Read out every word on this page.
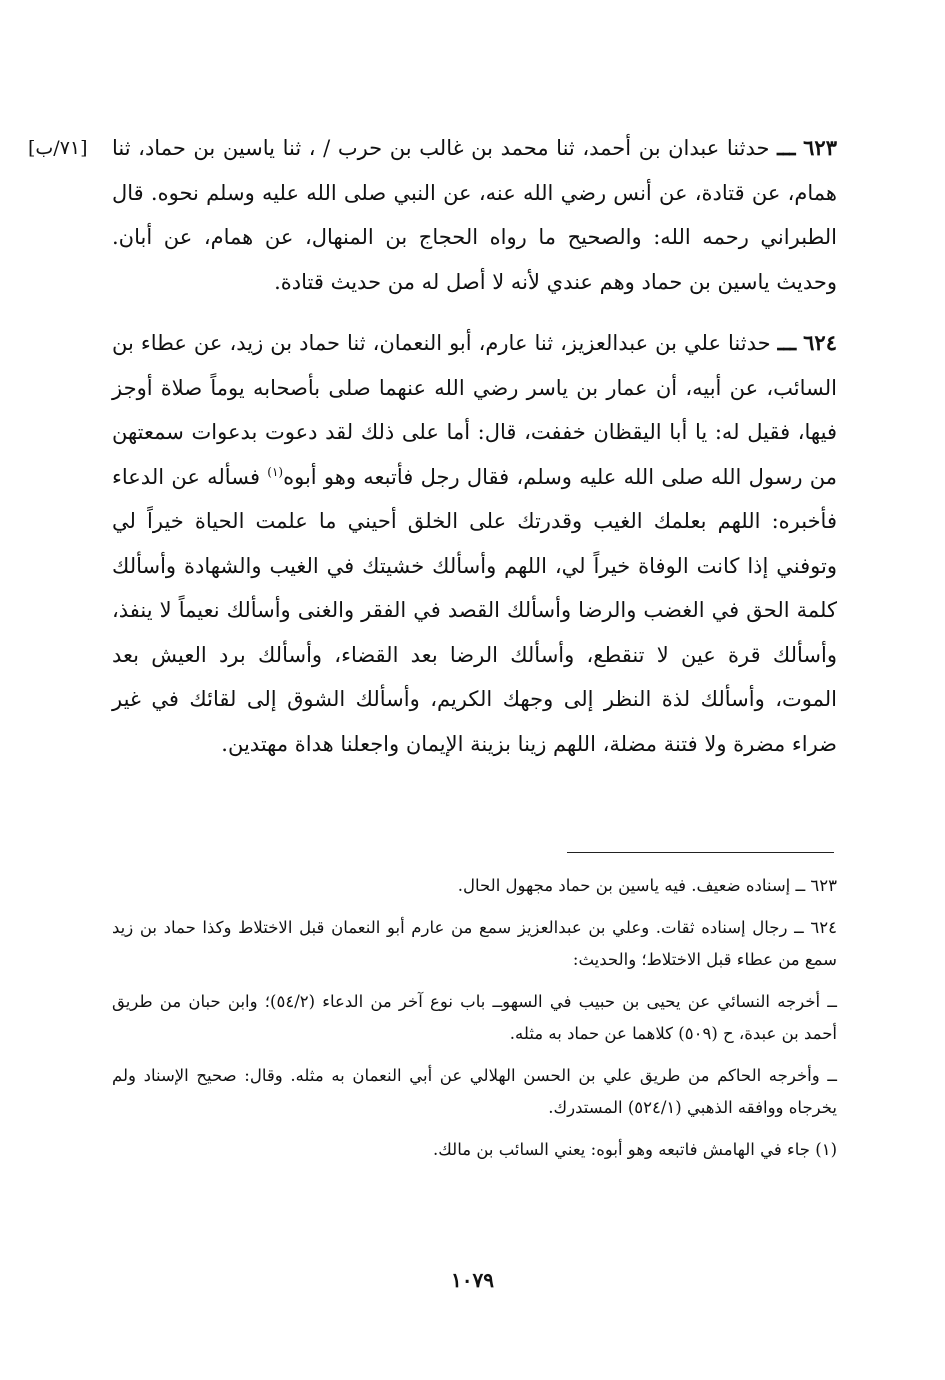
[٧١/ب]	٦٢٣ ـــ حدثنا عبدان بن أحمد، ثنا محمد بن غالب بن حرب / ، ثنا ياسين بن حماد، ثنا همام، عن قتادة، عن أنس رضي الله عنه، عن النبي صلى الله عليه وسلم نحوه. قال الطبراني رحمه الله: والصحيح ما رواه الحجاج بن المنهال، عن همام، عن أبان. وحديث ياسين بن حماد وهم عندي لأنه لا أصل له من حديث قتادة.

٦٢٤ ـــ حدثنا علي بن عبدالعزيز، ثنا عارم، أبو النعمان، ثنا حماد بن زيد، عن عطاء بن السائب، عن أبيه، أن عمار بن ياسر رضي الله عنهما صلى بأصحابه يوماً صلاة أوجز فيها، فقيل له: يا أبا اليقظان خففت، قال: أما على ذلك لقد دعوت بدعوات سمعتهن من رسول الله صلى الله عليه وسلم، فقال رجل فأتبعه وهو أبوه$^{(١)}$ فسأله عن الدعاء فأخبره: اللهم بعلمك الغيب وقدرتك على الخلق أحيني ما علمت الحياة خيراً لي وتوفني إذا كانت الوفاة خيراً لي، اللهم وأسألك خشيتك في الغيب والشهادة وأسألك كلمة الحق في الغضب والرضا وأسألك القصد في الفقر والغنى وأسألك نعيماً لا ينفذ، وأسألك قرة عين لا تنقطع، وأسألك الرضا بعد القضاء، وأسألك برد العيش بعد الموت، وأسألك لذة النظر إلى وجهك الكريم، وأسألك الشوق إلى لقائك في غير ضراء مضرة ولا فتنة مضلة، اللهم زينا بزينة الإيمان واجعلنا هداة مهتدين.

٦٢٣ ــ إسناده ضعيف. فيه ياسين بن حماد مجهول الحال.

٦٢٤ ــ رجال إسناده ثقات. وعلي بن عبدالعزيز سمع من عارم أبو النعمان قبل الاختلاط وكذا حماد بن زيد سمع من عطاء قبل الاختلاط؛ والحديث:

ــ أخرجه النسائي عن يحيى بن حبيب في السهوــ باب نوع آخر من الدعاء (٥٤/٢)؛ وابن حبان من طريق أحمد بن عبدة، ح (٥٠٩) كلاهما عن حماد به مثله.

ــ وأخرجه الحاكم من طريق علي بن الحسن الهلالي عن أبي النعمان به مثله. وقال: صحيح الإسناد ولم يخرجاه ووافقه الذهبي (٥٢٤/١) المستدرك.

(١) جاء في الهامش فاتبعه وهو أبوه: يعني السائب بن مالك.

١٠٧٩
